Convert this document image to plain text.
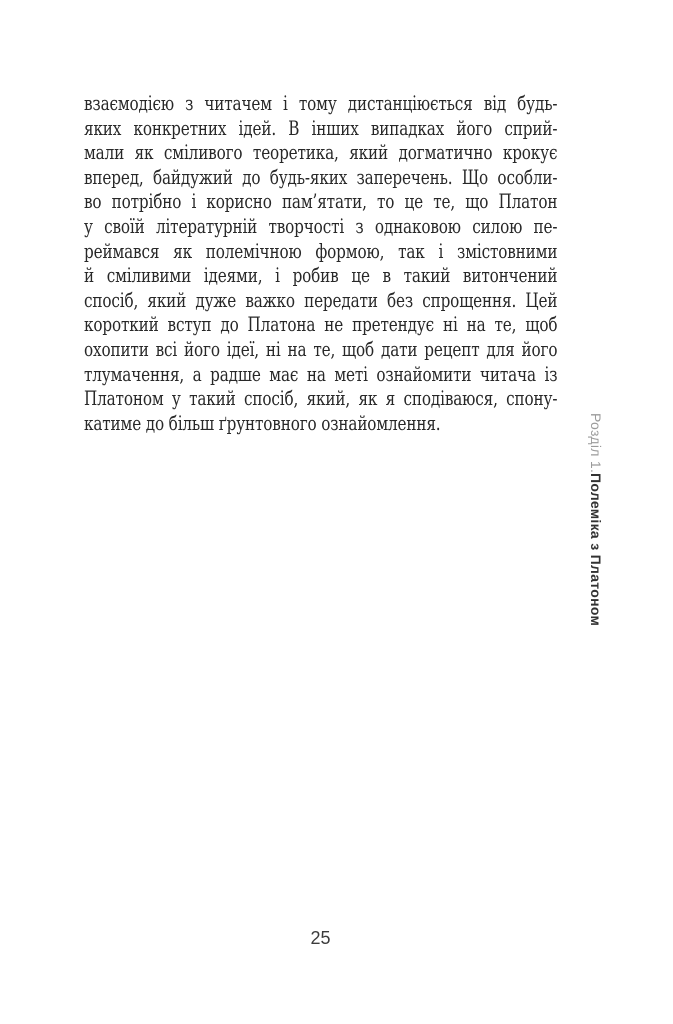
взаємодією з читачем і тому дистанціюється від будь-
яких конкретних ідей. В інших випадках його сприй-
мали як сміливого теоретика, який догматично крокує
вперед, байдужий до будь-яких заперечень. Що особли-
во потрібно і корисно пам’ятати, то це те, що Платон
у своїй літературній творчості з однаковою силою пе-
реймався як полемічною формою, так і змістовними
й сміливими ідеями, і робив це в такий витончений
спосіб, який дуже важко передати без спрощення. Цей
короткий вступ до Платона не претендує ні на те, щоб
охопити всі його ідеї, ні на те, щоб дати рецепт для його
тлумачення, а радше має на меті ознайомити читача із
Платоном у такий спосіб, який, як я сподіваюся, спону-
катиме до більш ґрунтовного ознайомлення.	Розділ 1.Полеміка з Платоном
25
